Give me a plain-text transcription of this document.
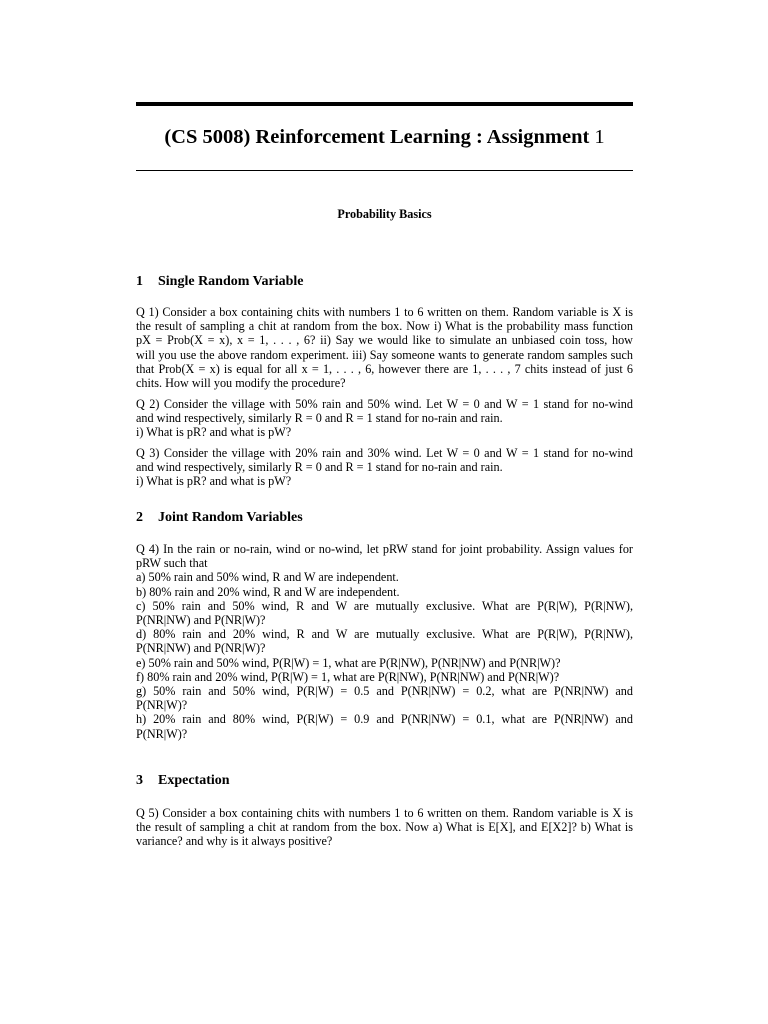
(CS 5008) Reinforcement Learning : Assignment 1
Probability Basics
1 Single Random Variable
Q 1) Consider a box containing chits with numbers 1 to 6 written on them. Random variable is X is
the result of sampling a chit at random from the box. Now i) What is the probability mass function
pX = Prob(X = x), x = 1, . . . , 6? ii) Say we would like to simulate an unbiased coin toss, how
will you use the above random experiment. iii) Say someone wants to generate random samples such
that Prob(X = x) is equal for all x = 1, . . . , 6, however there are 1, . . . , 7 chits instead of just 6
chits. How will you modify the procedure?
Q 2) Consider the village with 50% rain and 50% wind. Let W = 0 and W = 1 stand for no-wind
and wind respectively, similarly R = 0 and R = 1 stand for no-rain and rain.
i) What is pR? and what is pW?
Q 3) Consider the village with 20% rain and 30% wind. Let W = 0 and W = 1 stand for no-wind
and wind respectively, similarly R = 0 and R = 1 stand for no-rain and rain.
i) What is pR? and what is pW?
2 Joint Random Variables
Q 4) In the rain or no-rain, wind or no-wind, let pRW stand for joint probability. Assign values for
pRW such that
a) 50% rain and 50% wind, R and W are independent.
b) 80% rain and 20% wind, R and W are independent.
c) 50% rain and 50% wind, R and W are mutually exclusive. What are P(R|W), P(R|NW),
P(NR|NW) and P(NR|W)?
d) 80% rain and 20% wind, R and W are mutually exclusive. What are P(R|W), P(R|NW),
P(NR|NW) and P(NR|W)?
e) 50% rain and 50% wind, P(R|W) = 1, what are P(R|NW), P(NR|NW) and P(NR|W)?
f) 80% rain and 20% wind, P(R|W) = 1, what are P(R|NW), P(NR|NW) and P(NR|W)?
g) 50% rain and 50% wind, P(R|W) = 0.5 and P(NR|NW) = 0.2, what are P(NR|NW) and
P(NR|W)?
h) 20% rain and 80% wind, P(R|W) = 0.9 and P(NR|NW) = 0.1, what are P(NR|NW) and
P(NR|W)?
3 Expectation
Q 5) Consider a box containing chits with numbers 1 to 6 written on them. Random variable is X is
the result of sampling a chit at random from the box. Now a) What is E[X], and E[X2]? b) What is
variance? and why is it always positive?
